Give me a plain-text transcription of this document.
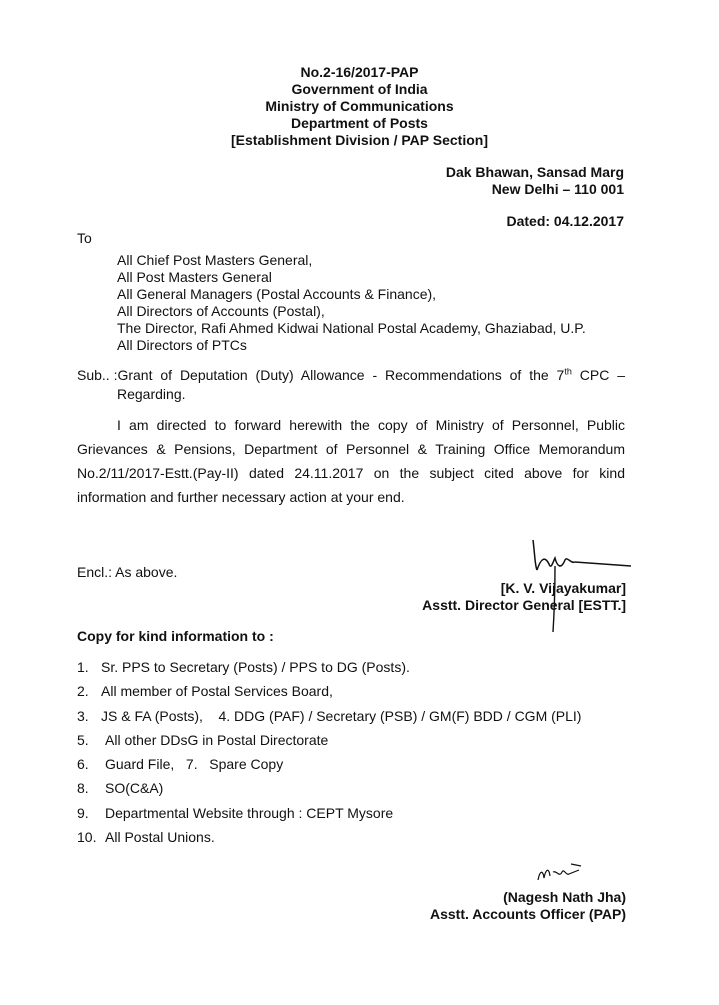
No.2-16/2017-PAP
Government of India
Ministry of Communications
Department of Posts
[Establishment Division / PAP Section]
Dak Bhawan, Sansad Marg
New Delhi – 110 001
Dated: 04.12.2017
To
All Chief Post Masters General,
All Post Masters General
All General Managers (Postal Accounts & Finance),
All Directors of Accounts (Postal),
The Director, Rafi Ahmed Kidwai National Postal Academy, Ghaziabad, U.P.
All Directors of PTCs
Sub.. :Grant of Deputation (Duty) Allowance - Recommendations of the 7th CPC –
Regarding.
I am directed to forward herewith the copy of Ministry of Personnel, Public Grievances & Pensions, Department of Personnel & Training Office Memorandum No.2/11/2017-Estt.(Pay-II) dated 24.11.2017 on the subject cited above for kind information and further necessary action at your end.
Encl.: As above.
[K. V. Vijayakumar]
Asstt. Director General [ESTT.]
Copy for kind information to :
1. Sr. PPS to Secretary (Posts) / PPS to DG (Posts).
2. All member of Postal Services Board,
3. JS & FA (Posts),    4. DDG (PAF) / Secretary (PSB) / GM(F) BDD / CGM (PLI)
5. All other DDsG in Postal Directorate
6. Guard File,   7.   Spare Copy
8. SO(C&A)
9. Departmental Website through : CEPT Mysore
10. All Postal Unions.
(Nagesh Nath Jha)
Asstt. Accounts Officer (PAP)
